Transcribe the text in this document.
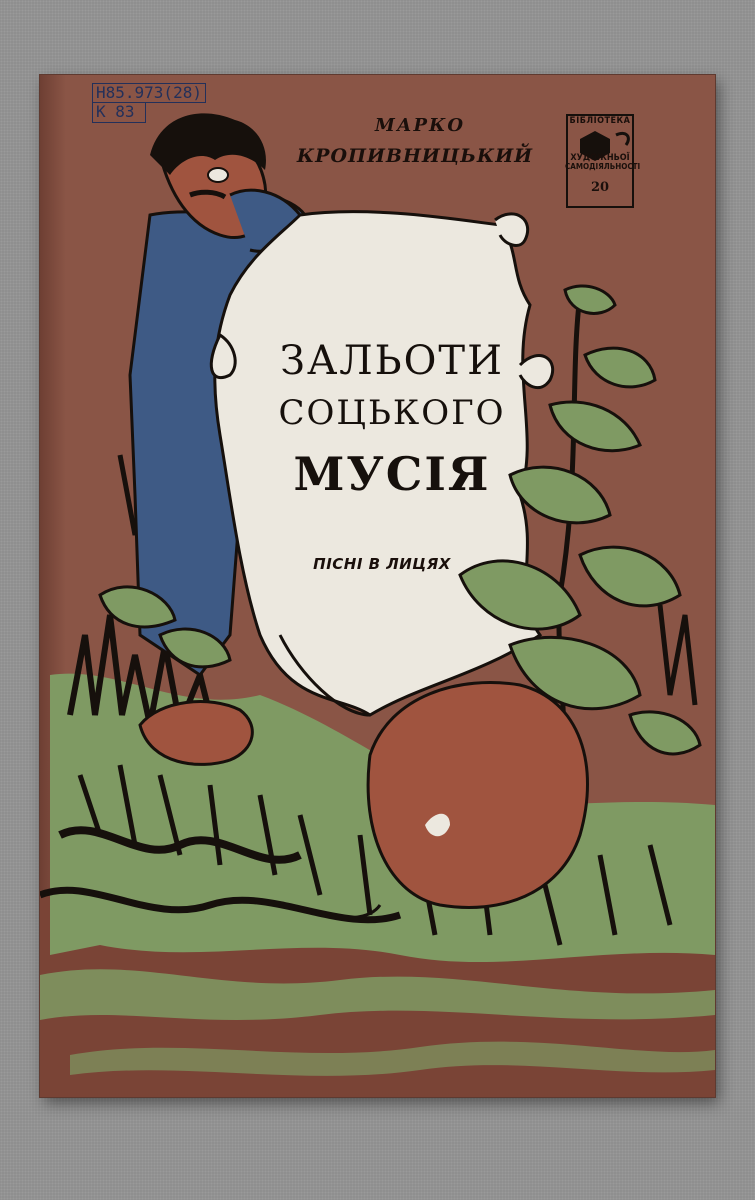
Н85.973(28)
К 83
МАРКО
КРОПИВНИЦЬКИЙ
БІБЛІОТЕКА
ХУДОЖНЬОЇ
САМОДІЯЛЬНОСТІ
20
ЗАЛЬОТИ
СОЦЬКОГО
МУСІЯ
ПІСНІ В ЛИЦЯХ
